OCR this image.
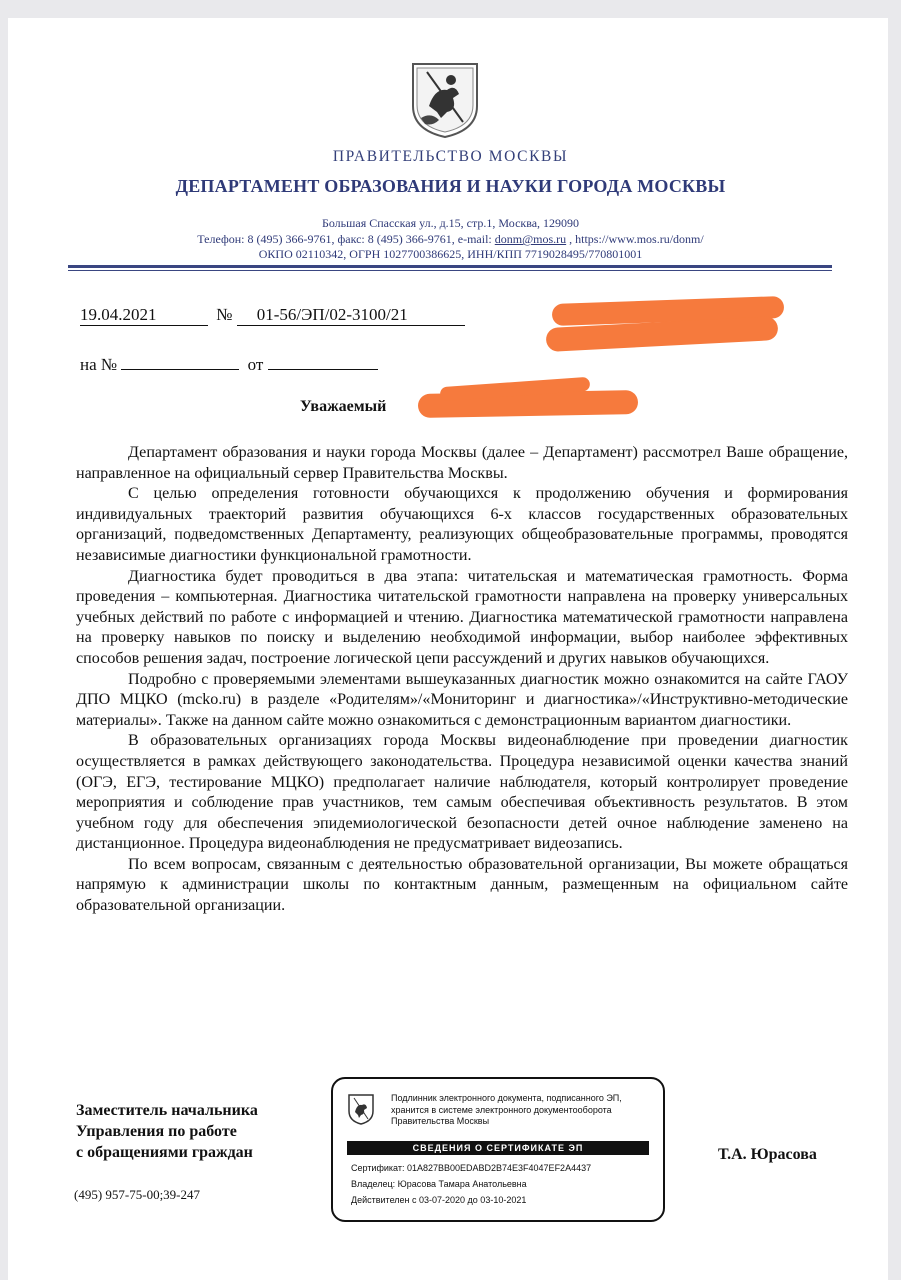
ПРАВИТЕЛЬСТВО МОСКВЫ
ДЕПАРТАМЕНТ ОБРАЗОВАНИЯ И НАУКИ ГОРОДА МОСКВЫ
Большая Спасская ул., д.15, стр.1, Москва, 129090
Телефон: 8 (495) 366-9761, факс: 8 (495) 366-9761, e-mail: donm@mos.ru , https://www.mos.ru/donm/
ОКПО 02110342, ОГРН 1027700386625, ИНН/КПП 7719028495/770801001
19.04.2021	№ 01-56/ЭП/02-3100/21
на №	от
Уважаемый

Департамент образования и науки города Москвы (далее – Департамент) рассмотрел Ваше обращение, направленное на официальный сервер Правительства Москвы.

С целью определения готовности обучающихся к продолжению обучения и формирования индивидуальных траекторий развития обучающихся 6-х классов государственных образовательных организаций, подведомственных Департаменту, реализующих общеобразовательные программы, проводятся независимые диагностики функциональной грамотности.

Диагностика будет проводиться в два этапа: читательская и математическая грамотность. Форма проведения – компьютерная. Диагностика читательской грамотности направлена на проверку универсальных учебных действий по работе с информацией и чтению. Диагностика математической грамотности направлена на проверку навыков по поиску и выделению необходимой информации, выбор наиболее эффективных способов решения задач, построение логической цепи рассуждений и других навыков обучающихся.

Подробно с проверяемыми элементами вышеуказанных диагностик можно ознакомится на сайте ГАОУ ДПО МЦКО (mcko.ru) в разделе «Родителям»/«Мониторинг и диагностика»/«Инструктивно-методические материалы». Также на данном сайте можно ознакомиться с демонстрационным вариантом диагностики.

В образовательных организациях города Москвы видеонаблюдение при проведении диагностик осуществляется в рамках действующего законодательства. Процедура независимой оценки качества знаний (ОГЭ, ЕГЭ, тестирование МЦКО) предполагает наличие наблюдателя, который контролирует проведение мероприятия и соблюдение прав участников, тем самым обеспечивая объективность результатов. В этом учебном году для обеспечения эпидемиологической безопасности детей очное наблюдение заменено на дистанционное. Процедура видеонаблюдения не предусматривает видеозапись.

По всем вопросам, связанным с деятельностью образовательной организации, Вы можете обращаться напрямую к администрации школы по контактным данным, размещенным на официальном сайте образовательной организации.

Заместитель начальника
Управления по работе
с обращениями граждан
(495) 957-75-00;39-247
Т.А. Юрасова
Подлинник электронного документа, подписанного ЭП,
хранится в системе электронного документооборота
Правительства Москвы
СВЕДЕНИЯ О СЕРТИФИКАТЕ ЭП
Сертификат: 01A827BB00EDABD2B74E3F4047EF2A4437
Владелец: Юрасова Тамара Анатольевна
Действителен с 03-07-2020 до 03-10-2021
